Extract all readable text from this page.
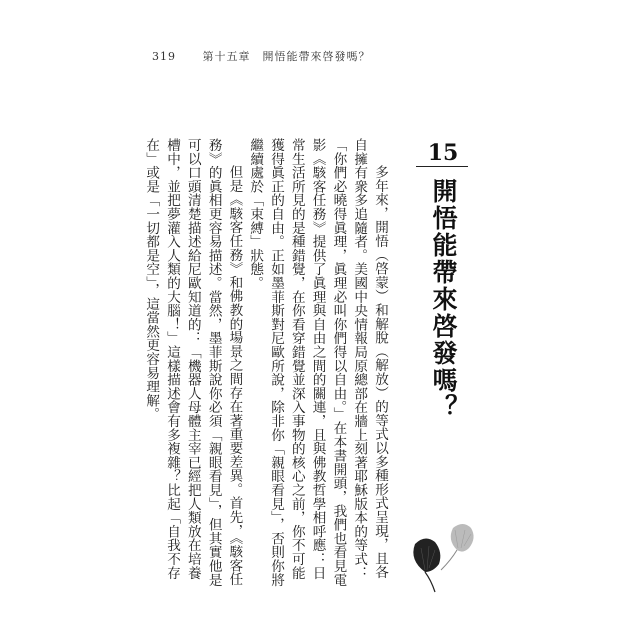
319 第十五章　開悟能帶來啓發嗎？
15
開悟能帶來啓發嗎？

多年來，開悟（啓蒙）和解脫（解放）的等式以多種形式呈現，且各自擁有衆多追隨者。美國中央情報局原總部在牆上刻著耶穌版本的等式：「你們必曉得眞理，眞理必叫你們得以自由。」在本書開頭，我們也看見電影《駭客任務》提供了眞理與自由之間的關連，且與佛教哲學相呼應：日常生活所見的是種錯覺，在你看穿錯覺並深入事物的核心之前，你不可能獲得眞正的自由。正如墨菲斯對尼歐所說，除非你「親眼看見」，否則你將繼續處於「束縛」狀態。

但是《駭客任務》和佛教的場景之間存在著重要差異。首先，《駭客任務》的眞相更容易描述。當然，墨菲斯說你必須「親眼看見」，但其實他是可以口頭清楚描述給尼歐知道的：「機器人母體主宰已經把人類放在培養槽中，並把夢灌入人類的大腦！」這樣描述會有多複雜？比起「自我不存在」或是「一切都是空」，這當然更容易理解。
